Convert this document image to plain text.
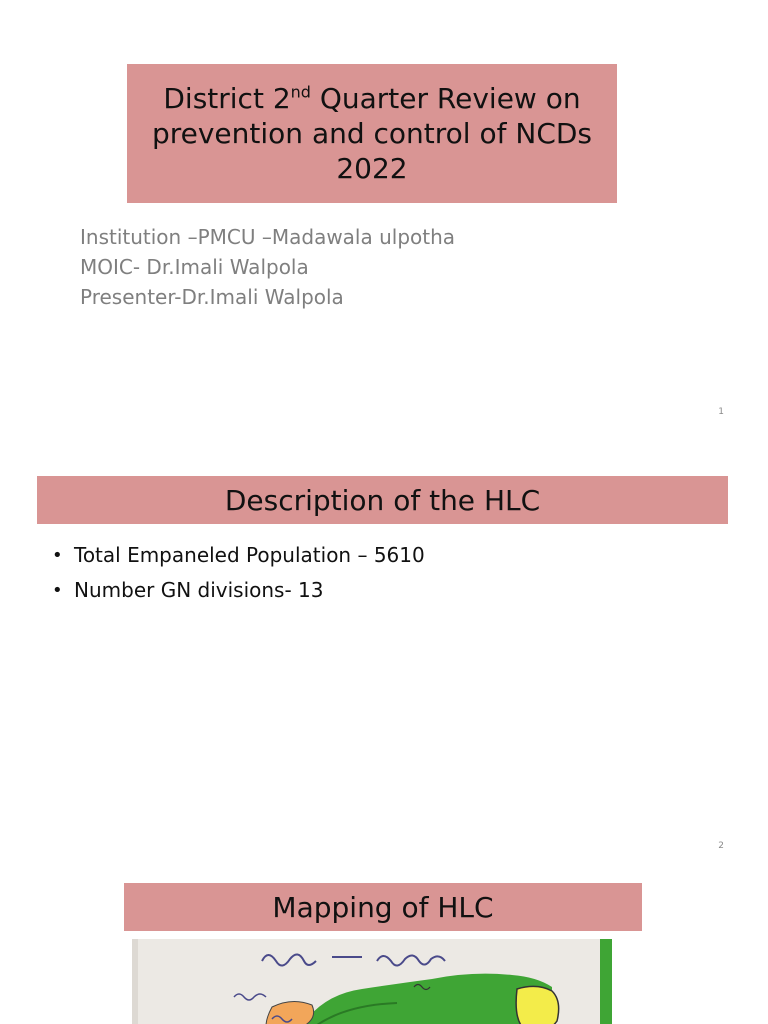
District 2nd Quarter Review on
prevention and control of NCDs
2022
Institution –PMCU –Madawala ulpotha
MOIC- Dr.Imali Walpola
Presenter-Dr.Imali Walpola
1
Description of the HLC
• Total Empaneled Population – 5610
• Number GN divisions- 13
2
Mapping of HLC
